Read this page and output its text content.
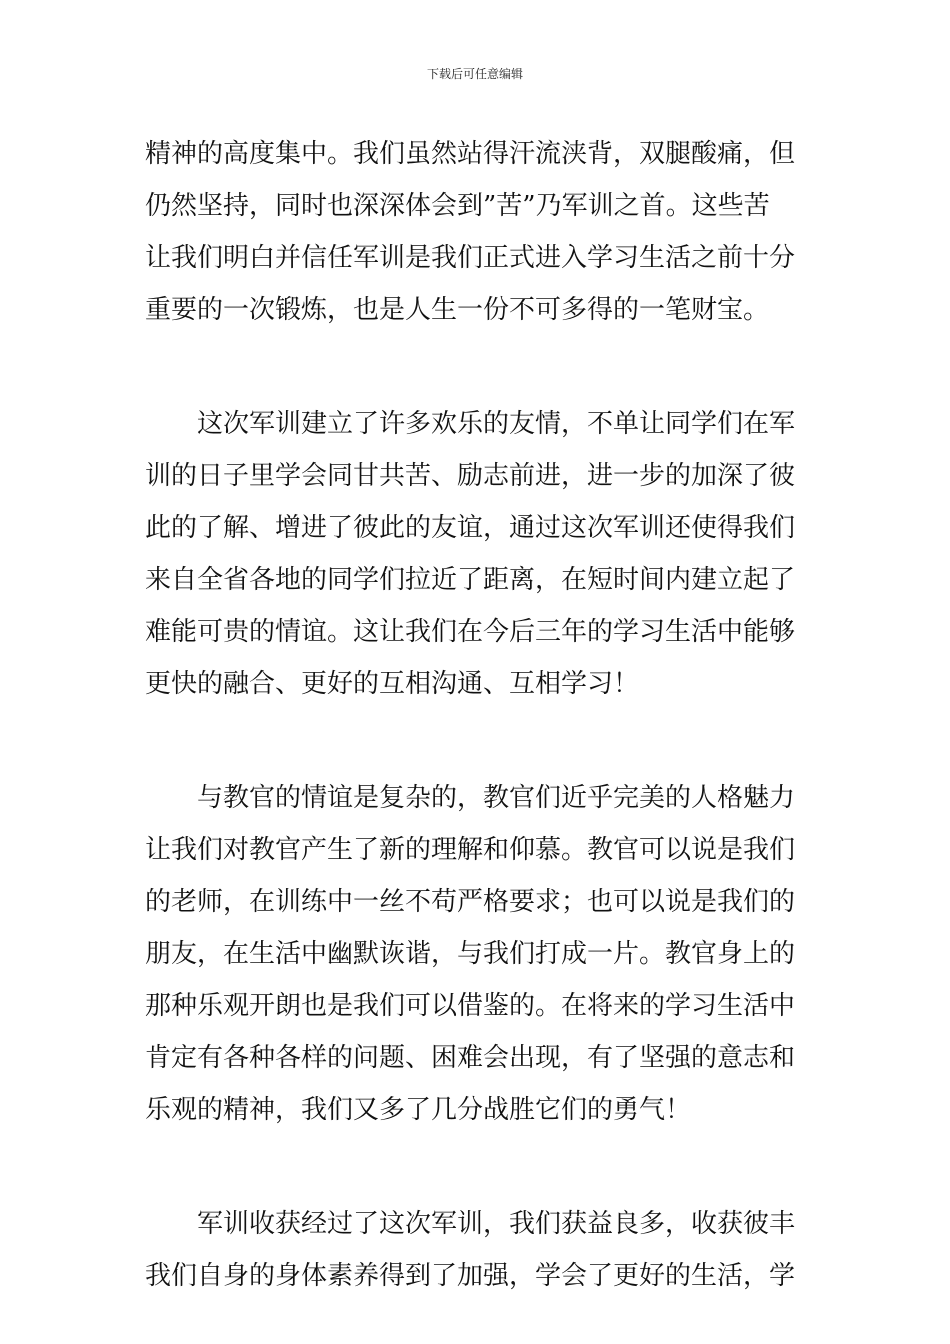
下载后可任意编辑
精神的高度集中。我们虽然站得汗流浃背，双腿酸痛，但
仍然坚持，同时也深深体会到”苦”乃军训之首。这些苦
让我们明白并信任军训是我们正式进入学习生活之前十分
重要的一次锻炼，也是人生一份不可多得的一笔财宝。
这次军训建立了许多欢乐的友情，不单让同学们在军
训的日子里学会同甘共苦、励志前进，进一步的加深了彼
此的了解、增进了彼此的友谊，通过这次军训还使得我们
来自全省各地的同学们拉近了距离，在短时间内建立起了
难能可贵的情谊。这让我们在今后三年的学习生活中能够
更快的融合、更好的互相沟通、互相学习！
与教官的情谊是复杂的，教官们近乎完美的人格魅力
让我们对教官产生了新的理解和仰慕。教官可以说是我们
的老师，在训练中一丝不苟严格要求；也可以说是我们的
朋友，在生活中幽默诙谐，与我们打成一片。教官身上的
那种乐观开朗也是我们可以借鉴的。在将来的学习生活中
肯定有各种各样的问题、困难会出现，有了坚强的意志和
乐观的精神，我们又多了几分战胜它们的勇气！
军训收获经过了这次军训，我们获益良多，收获彼丰
我们自身的身体素养得到了加强，学会了更好的生活，学
